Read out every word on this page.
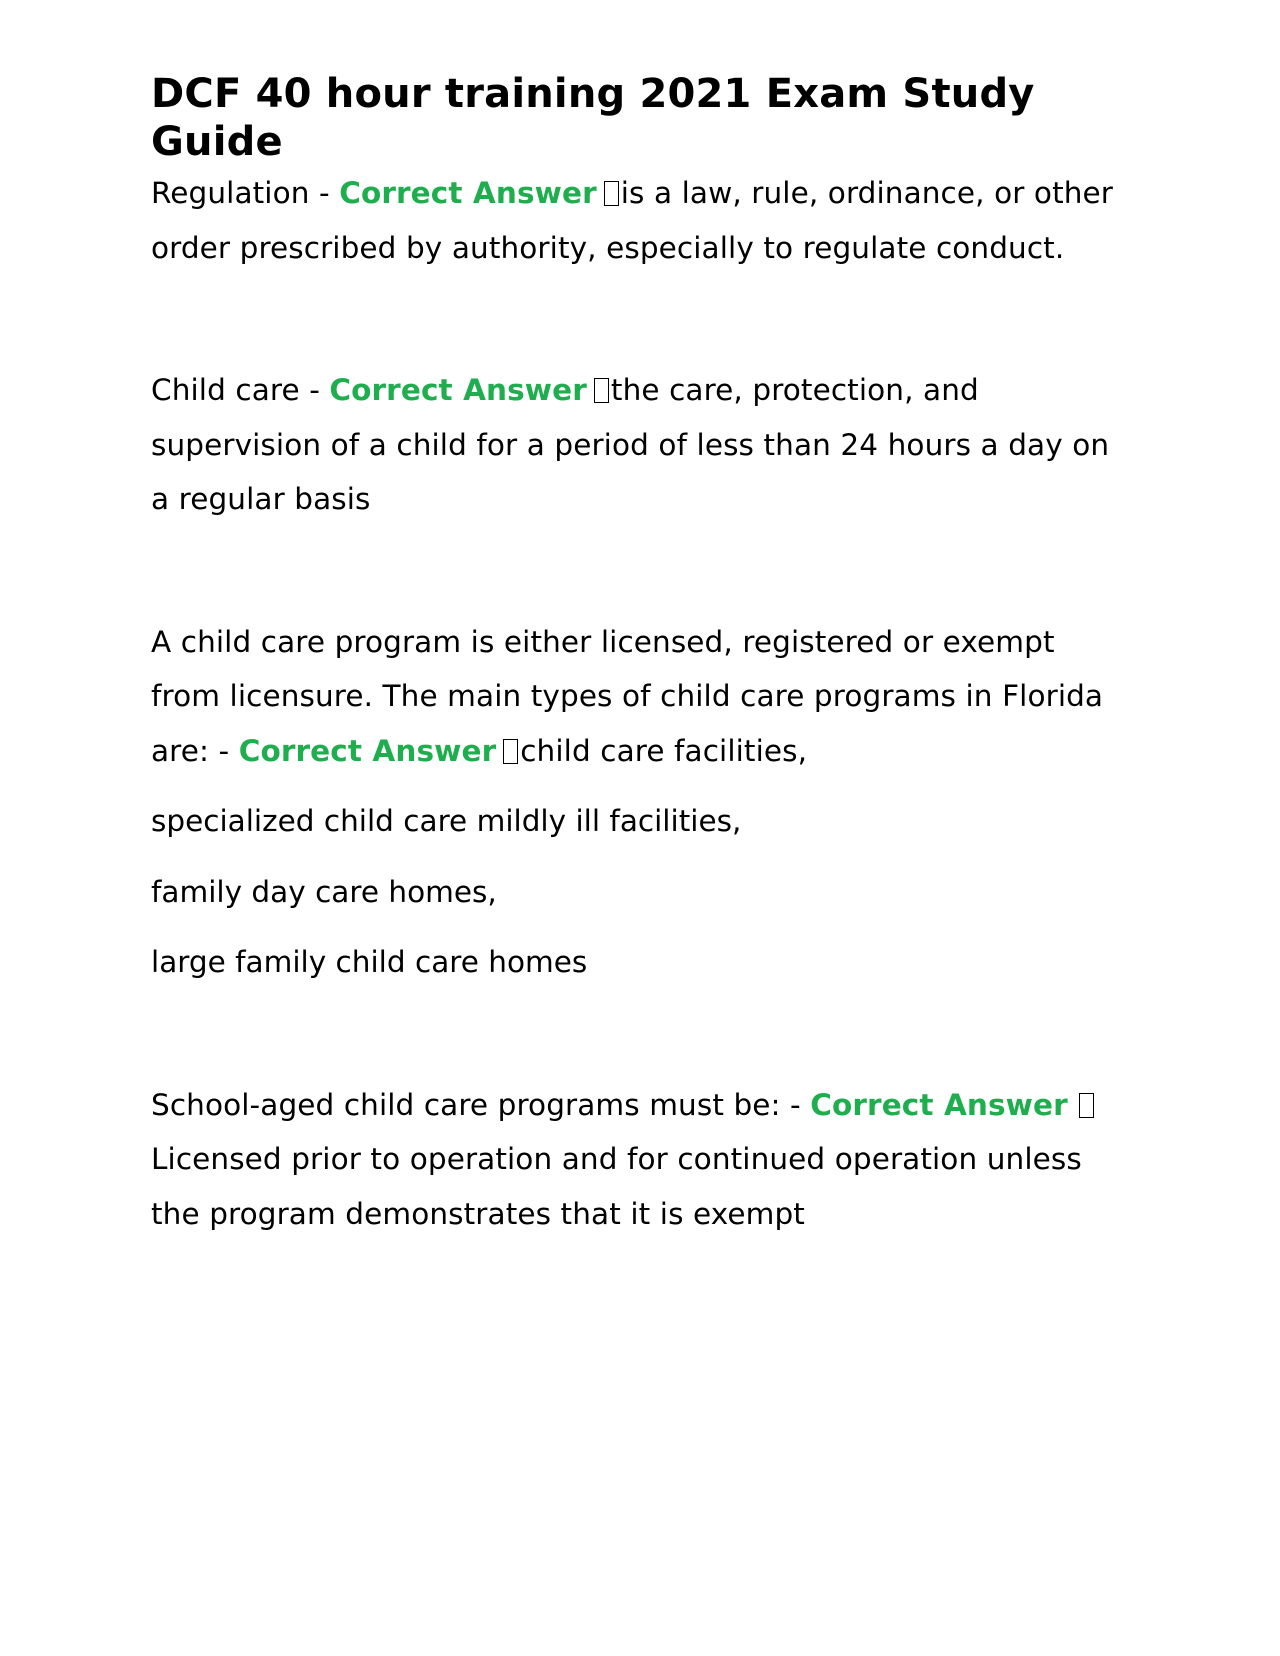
DCF 40 hour training 2021 Exam Study Guide

Regulation - Correct Answer is a law, rule, ordinance, or other order prescribed by authority, especially to regulate conduct.

Child care - Correct Answer the care, protection, and supervision of a child for a period of less than 24 hours a day on a regular basis

A child care program is either licensed, registered or exempt from licensure. The main types of child care programs in Florida are: - Correct Answer child care facilities,

specialized child care mildly ill facilities,

family day care homes,

large family child care homes

School-aged child care programs must be: - Correct Answer Licensed prior to operation and for continued operation unless the program demonstrates that it is exempt
